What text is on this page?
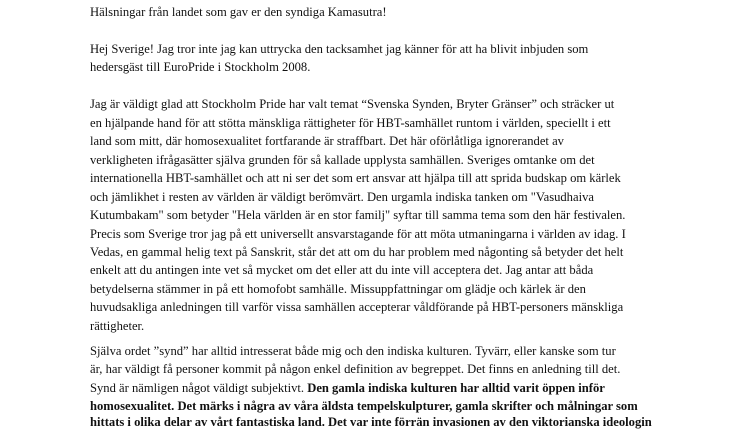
Hälsningar från landet som gav er den syndiga Kamasutra!
Hej Sverige! Jag tror inte jag kan uttrycka den tacksamhet jag känner för att ha blivit inbjuden som
hedersgäst till EuroPride i Stockholm 2008.
Jag är väldigt glad att Stockholm Pride har valt temat “Svenska Synden, Bryter Gränser” och sträcker ut
en hjälpande hand för att stötta mänskliga rättigheter för HBT-samhället runtom i världen, speciellt i ett
land som mitt, där homosexualitet fortfarande är straffbart. Det här oförlåtliga ignorerandet av
verkligheten ifrågasätter själva grunden för så kallade upplysta samhällen. Sveriges omtanke om det
internationella HBT-samhället och att ni ser det som ert ansvar att hjälpa till att sprida budskap om kärlek
och jämlikhet i resten av världen är väldigt berömvärt. Den urgamla indiska tanken om "Vasudhaiva
Kutumbakam" som betyder "Hela världen är en stor familj" syftar till samma tema som den här festivalen.
Precis som Sverige tror jag på ett universellt ansvarstagande för att möta utmaningarna i världen av idag. I
Vedas, en gammal helig text på Sanskrit, står det att om du har problem med någonting så betyder det helt
enkelt att du antingen inte vet så mycket om det eller att du inte vill acceptera det. Jag antar att båda
betydelserna stämmer in på ett homofobt samhälle. Missuppfattningar om glädje och kärlek är den
huvudsakliga anledningen till varför vissa samhällen accepterar våldförande på HBT-personers mänskliga
rättigheter.
Själva ordet ”synd” har alltid intresserat både mig och den indiska kulturen. Tyvärr, eller kanske som tur
är, har väldigt få personer kommit på någon enkel definition av begreppet. Det finns en anledning till det.
Synd är nämligen något väldigt subjektivt. Den gamla indiska kulturen har alltid varit öppen inför
homosexualitet. Det märks i några av våra äldsta tempelskulpturer, gamla skrifter och målningar som
hittats i olika delar av vårt fantastiska land. Det var inte förrän invasionen av den viktorianska ideologin
